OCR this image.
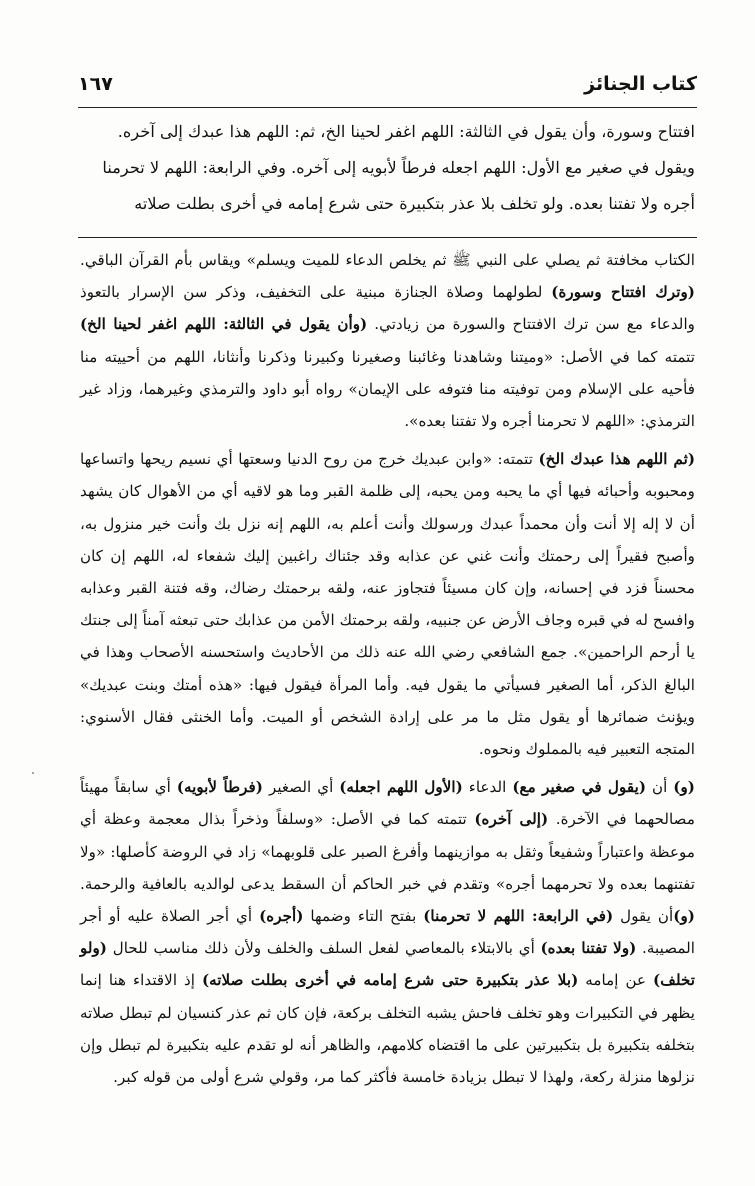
كتاب الجنائز
١٦٧

افتتاح وسورة، وأن يقول في الثالثة: اللهم اغفر لحينا الخ، ثم: اللهم هذا عبدك إلى آخره.

ويقول في صغير مع الأول: اللهم اجعله فرطاً لأبويه إلى آخره. وفي الرابعة: اللهم لا تحرمنا

أجره ولا تفتنا بعده. ولو تخلف بلا عذر بتكبيرة حتى شرع إمامه في أخرى بطلت صلاته

الكتاب مخافتة ثم يصلي على النبي ﷺ ثم يخلص الدعاء للميت ويسلم» ويقاس بأم القرآن الباقي. (وترك افتتاح وسورة) لطولهما وصلاة الجنازة مبنية على التخفيف، وذكر سن الإسرار بالتعوذ والدعاء مع سن ترك الافتتاح والسورة من زيادتي. (وأن يقول في الثالثة: اللهم اغفر لحينا الخ) تتمته كما في الأصل: «وميتنا وشاهدنا وغائبنا وصغيرنا وكبيرنا وذكرنا وأنثانا، اللهم من أحييته منا فأحيه على الإسلام ومن توفيته منا فتوفه على الإيمان» رواه أبو داود والترمذي وغيرهما، وزاد غير الترمذي: «اللهم لا تحرمنا أجره ولا تفتنا بعده».

(ثم اللهم هذا عبدك الخ) تتمته: «وابن عبديك خرج من روح الدنيا وسعتها أي نسيم ريحها واتساعها ومحبوبه وأحبائه فيها أي ما يحبه ومن يحبه، إلى ظلمة القبر وما هو لاقيه أي من الأهوال كان يشهد أن لا إله إلا أنت وأن محمداً عبدك ورسولك وأنت أعلم به، اللهم إنه نزل بك وأنت خير منزول به، وأصبح فقيراً إلى رحمتك وأنت غني عن عذابه وقد جئناك راغبين إليك شفعاء له، اللهم إن كان محسناً فزد في إحسانه، وإن كان مسيئاً فتجاوز عنه، ولقه برحمتك رضاك، وقه فتنة القبر وعذابه وافسح له في قبره وجاف الأرض عن جنبيه، ولقه برحمتك الأمن من عذابك حتى تبعثه آمناً إلى جنتك يا أرحم الراحمين». جمع الشافعي رضي الله عنه ذلك من الأحاديث واستحسنه الأصحاب وهذا في البالغ الذكر، أما الصغير فسيأتي ما يقول فيه. وأما المرأة فيقول فيها: «هذه أمتك وبنت عبديك» ويؤنث ضمائرها أو يقول مثل ما مر على إرادة الشخص أو الميت. وأما الخنثى فقال الأسنوي: المتجه التعبير فيه بالمملوك ونحوه.

(و) أن (يقول في صغير مع) الدعاء (الأول اللهم اجعله) أي الصغير (فرطاً لأبويه) أي سابقاً مهيئاً مصالحهما في الآخرة. (إلى آخره) تتمته كما في الأصل: «وسلفاً وذخراً بذال معجمة وعظة أي موعظة واعتباراً وشفيعاً وثقل به موازينهما وأفرغ الصبر على قلوبهما» زاد في الروضة كأصلها: «ولا تفتنهما بعده ولا تحرمهما أجره» وتقدم في خبر الحاكم أن السقط يدعى لوالديه بالعافية والرحمة. (و)أن يقول (في الرابعة: اللهم لا تحرمنا) بفتح التاء وضمها (أجره) أي أجر الصلاة عليه أو أجر المصيبة. (ولا تفتنا بعده) أي بالابتلاء بالمعاصي لفعل السلف والخلف ولأن ذلك مناسب للحال (ولو تخلف) عن إمامه (بلا عذر بتكبيرة حتى شرع إمامه في أخرى بطلت صلاته) إذ الاقتداء هنا إنما يظهر في التكبيرات وهو تخلف فاحش يشبه التخلف بركعة، فإن كان ثم عذر كنسيان لم تبطل صلاته بتخلفه بتكبيرة بل بتكبيرتين على ما اقتضاه كلامهم، والظاهر أنه لو تقدم عليه بتكبيرة لم تبطل وإن نزلوها منزلة ركعة، ولهذا لا تبطل بزيادة خامسة فأكثر كما مر، وقولي شرع أولى من قوله كبر.
